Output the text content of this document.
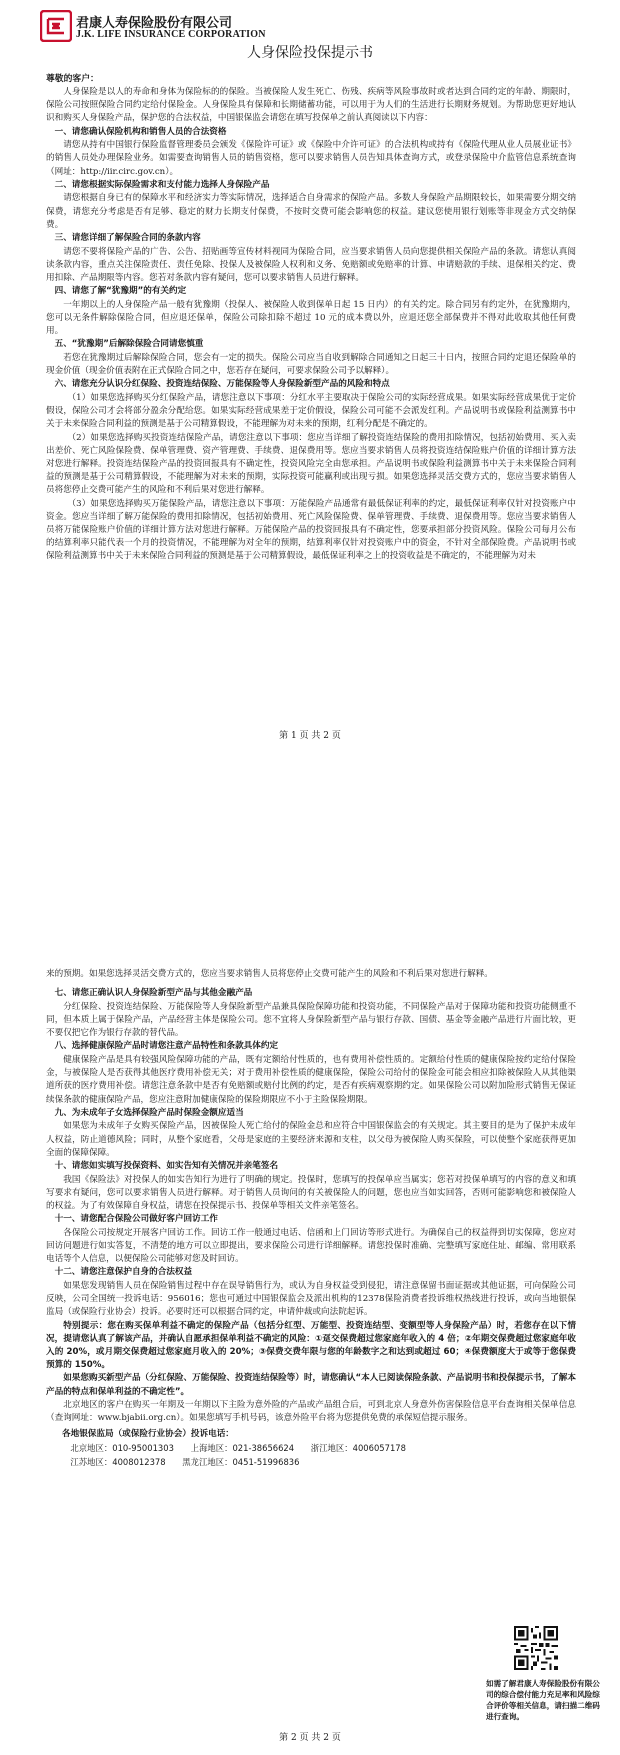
君康人寿保险股份有限公司
J.K. LIFE INSURANCE CORPORATION
人身保险投保提示书

尊敬的客户：

人身保险是以人的寿命和身体为保险标的的保险。当被保险人发生死亡、伤残、疾病等风险事故时或者达到合同约定的年龄、期限时，保险公司按照保险合同约定给付保险金。人身保险具有保障和长期储蓄功能，可以用于为人们的生活进行长期财务规划。为帮助您更好地认识和购买人身保险产品，保护您的合法权益，中国银保监会请您在填写投保单之前认真阅读以下内容：

一、请您确认保险机构和销售人员的合法资格

请您从持有中国银行保险监督管理委员会颁发《保险许可证》或《保险中介许可证》的合法机构或持有《保险代理从业人员展业证书》的销售人员处办理保险业务。如需要查询销售人员的销售资格，您可以要求销售人员告知具体查询方式，或登录保险中介监管信息系统查询（网址：http://iir.circ.gov.cn）。

二、请您根据实际保险需求和支付能力选择人身保险产品

请您根据自身已有的保障水平和经济实力等实际情况，选择适合自身需求的保险产品。多数人身保险产品期限较长，如果需要分期交纳保费，请您充分考虑是否有足够、稳定的财力长期支付保费，不按时交费可能会影响您的权益。建议您使用银行划账等非现金方式交纳保费。

三、请您详细了解保险合同的条款内容

请您不要将保险产品的广告、公告、招贴画等宣传材料视同为保险合同，应当要求销售人员向您提供相关保险产品的条款。请您认真阅读条款内容，重点关注保险责任、责任免除、投保人及被保险人权利和义务、免赔额或免赔率的计算、申请赔款的手续、退保相关约定、费用扣除、产品期限等内容。您若对条款内容有疑问，您可以要求销售人员进行解释。

四、请您了解“犹豫期”的有关约定

一年期以上的人身保险产品一般有犹豫期（投保人、被保险人收到保单日起 15 日内）的有关约定。除合同另有约定外，在犹豫期内，您可以无条件解除保险合同，但应退还保单，保险公司除扣除不超过 10 元的成本费以外，应退还您全部保费并不得对此收取其他任何费用。

五、“犹豫期”后解除保险合同请您慎重

若您在犹豫期过后解除保险合同，您会有一定的损失。保险公司应当自收到解除合同通知之日起三十日内，按照合同约定退还保险单的现金价值（现金价值表附在正式保险合同之中，您若存在疑问，可要求保险公司予以解释）。

六、请您充分认识分红保险、投资连结保险、万能保险等人身保险新型产品的风险和特点

（1）如果您选择购买分红保险产品，请您注意以下事项：分红水平主要取决于保险公司的实际经营成果。如果实际经营成果优于定价假设，保险公司才会将部分盈余分配给您。如果实际经营成果差于定价假设，保险公司可能不会派发红利。产品说明书或保险利益测算书中关于未来保险合同利益的预测是基于公司精算假设，不能理解为对未来的预期，红利分配是不确定的。

（2）如果您选择购买投资连结保险产品，请您注意以下事项：您应当详细了解投资连结保险的费用扣除情况，包括初始费用、买入卖出差价、死亡风险保险费、保单管理费、资产管理费、手续费、退保费用等。您应当要求销售人员将投资连结保险账户价值的详细计算方法对您进行解释。投资连结保险产品的投资回报具有不确定性，投资风险完全由您承担。产品说明书或保险利益测算书中关于未来保险合同利益的预测是基于公司精算假设，不能理解为对未来的预期，实际投资可能赢利或出现亏损。如果您选择灵活交费方式的，您应当要求销售人员将您停止交费可能产生的风险和不利后果对您进行解释。

（3）如果您选择购买万能保险产品，请您注意以下事项：万能保险产品通常有最低保证利率的约定，最低保证利率仅针对投资账户中资金。您应当详细了解万能保险的费用扣除情况，包括初始费用、死亡风险保险费、保单管理费、手续费、退保费用等。您应当要求销售人员将万能保险账户价值的详细计算方法对您进行解释。万能保险产品的投资回报具有不确定性，您要承担部分投资风险。保险公司每月公布的结算利率只能代表一个月的投资情况，不能理解为对全年的预期，结算利率仅针对投资账户中的资金，不针对全部保险费。产品说明书或保险利益测算书中关于未来保险合同利益的预测是基于公司精算假设，最低保证利率之上的投资收益是不确定的，不能理解为对未

第 1 页 共 2 页

来的预期。如果您选择灵活交费方式的，您应当要求销售人员将您停止交费可能产生的风险和不利后果对您进行解释。

七、请您正确认识人身保险新型产品与其他金融产品

分红保险、投资连结保险、万能保险等人身保险新型产品兼具保险保障功能和投资功能，不同保险产品对于保障功能和投资功能侧重不同，但本质上属于保险产品，产品经营主体是保险公司。您不宜将人身保险新型产品与银行存款、国债、基金等金融产品进行片面比较，更不要仅把它作为银行存款的替代品。

八、选择健康保险产品时请您注意产品特性和条款具体约定

健康保险产品是具有较强风险保障功能的产品，既有定额给付性质的，也有费用补偿性质的。定额给付性质的健康保险按约定给付保险金，与被保险人是否获得其他医疗费用补偿无关；对于费用补偿性质的健康保险，保险公司给付的保险金可能会相应扣除被保险人从其他渠道所获的医疗费用补偿。请您注意条款中是否有免赔额或赔付比例的约定，是否有疾病观察期约定。如果保险公司以附加险形式销售无保证续保条款的健康保险产品，您应注意附加健康保险的保险期限应不小于主险保险期限。

九、为未成年子女选择保险产品时保险金额应适当

如果您为未成年子女购买保险产品，因被保险人死亡给付的保险金总和应符合中国银保监会的有关规定。其主要目的是为了保护未成年人权益，防止道德风险；同时，从整个家庭看，父母是家庭的主要经济来源和支柱，以父母为被保险人购买保险，可以使整个家庭获得更加全面的保障保障。

十、请您如实填写投保资料、如实告知有关情况并亲笔签名

我国《保险法》对投保人的如实告知行为进行了明确的规定。投保时，您填写的投保单应当属实；您若对投保单填写的内容的意义和填写要求有疑问，您可以要求销售人员进行解释。对于销售人员询问的有关被保险人的问题，您也应当如实回答，否则可能影响您和被保险人的权益。为了有效保障自身权益，请您在投保提示书、投保单等相关文件亲笔签名。

十一、请您配合保险公司做好客户回访工作

各保险公司按规定开展客户回访工作。回访工作一般通过电话、信函和上门回访等形式进行。为确保自己的权益得到切实保障，您应对回访问题进行如实答复，不清楚的地方可以立即提出，要求保险公司进行详细解释。请您投保时准确、完整填写家庭住址、邮编、常用联系电话等个人信息，以便保险公司能够对您及时回访。

十二、请您注意保护自身的合法权益

如果您发现销售人员在保险销售过程中存在误导销售行为，或认为自身权益受到侵犯，请注意保留书面证据或其他证据，可向保险公司反映，公司全国统一投诉电话：956016；您也可通过中国银保监会及派出机构的12378保险消费者投诉维权热线进行投诉，或向当地银保监局（或保险行业协会）投诉。必要时还可以根据合同约定，申请仲裁或向法院起诉。

特别提示：您在购买保单利益不确定的保险产品（包括分红型、万能型、投资连结型、变额型等人身保险产品）时，若您存在以下情况，提请您认真了解该产品，并确认自愿承担保单利益不确定的风险：①趸交保费超过您家庭年收入的 4 倍；②年期交保费超过您家庭年收入的 20%，或月期交保费超过您家庭月收入的 20%；③保费交费年限与您的年龄数字之和达到或超过 60；④保费额度大于或等于您保费预算的 150%。

如果您购买新型产品（分红保险、万能保险、投资连结保险等）时，请您确认“本人已阅读保险条款、产品说明书和投保提示书，了解本产品的特点和保单利益的不确定性”。

北京地区的客户在购买一年期及一年期以下主险为意外险的产品或产品组合后，可到北京人身意外伤害保险信息平台查询相关保单信息（查询网址：www.bjabii.org.cn）。如果您填写手机号码，该意外险平台将为您提供免费的承保短信提示服务。

各地银保监局（或保险行业协会）投诉电话：
北京地区：010-95001303 上海地区：021-38656624 浙江地区：4006057178
江苏地区：4008012378 黑龙江地区：0451-51996836
如需了解君康人寿保险股份有限公司的综合偿付能力充足率和风险综合评价等相关信息，请扫描二维码进行查询。
第 2 页 共 2 页
